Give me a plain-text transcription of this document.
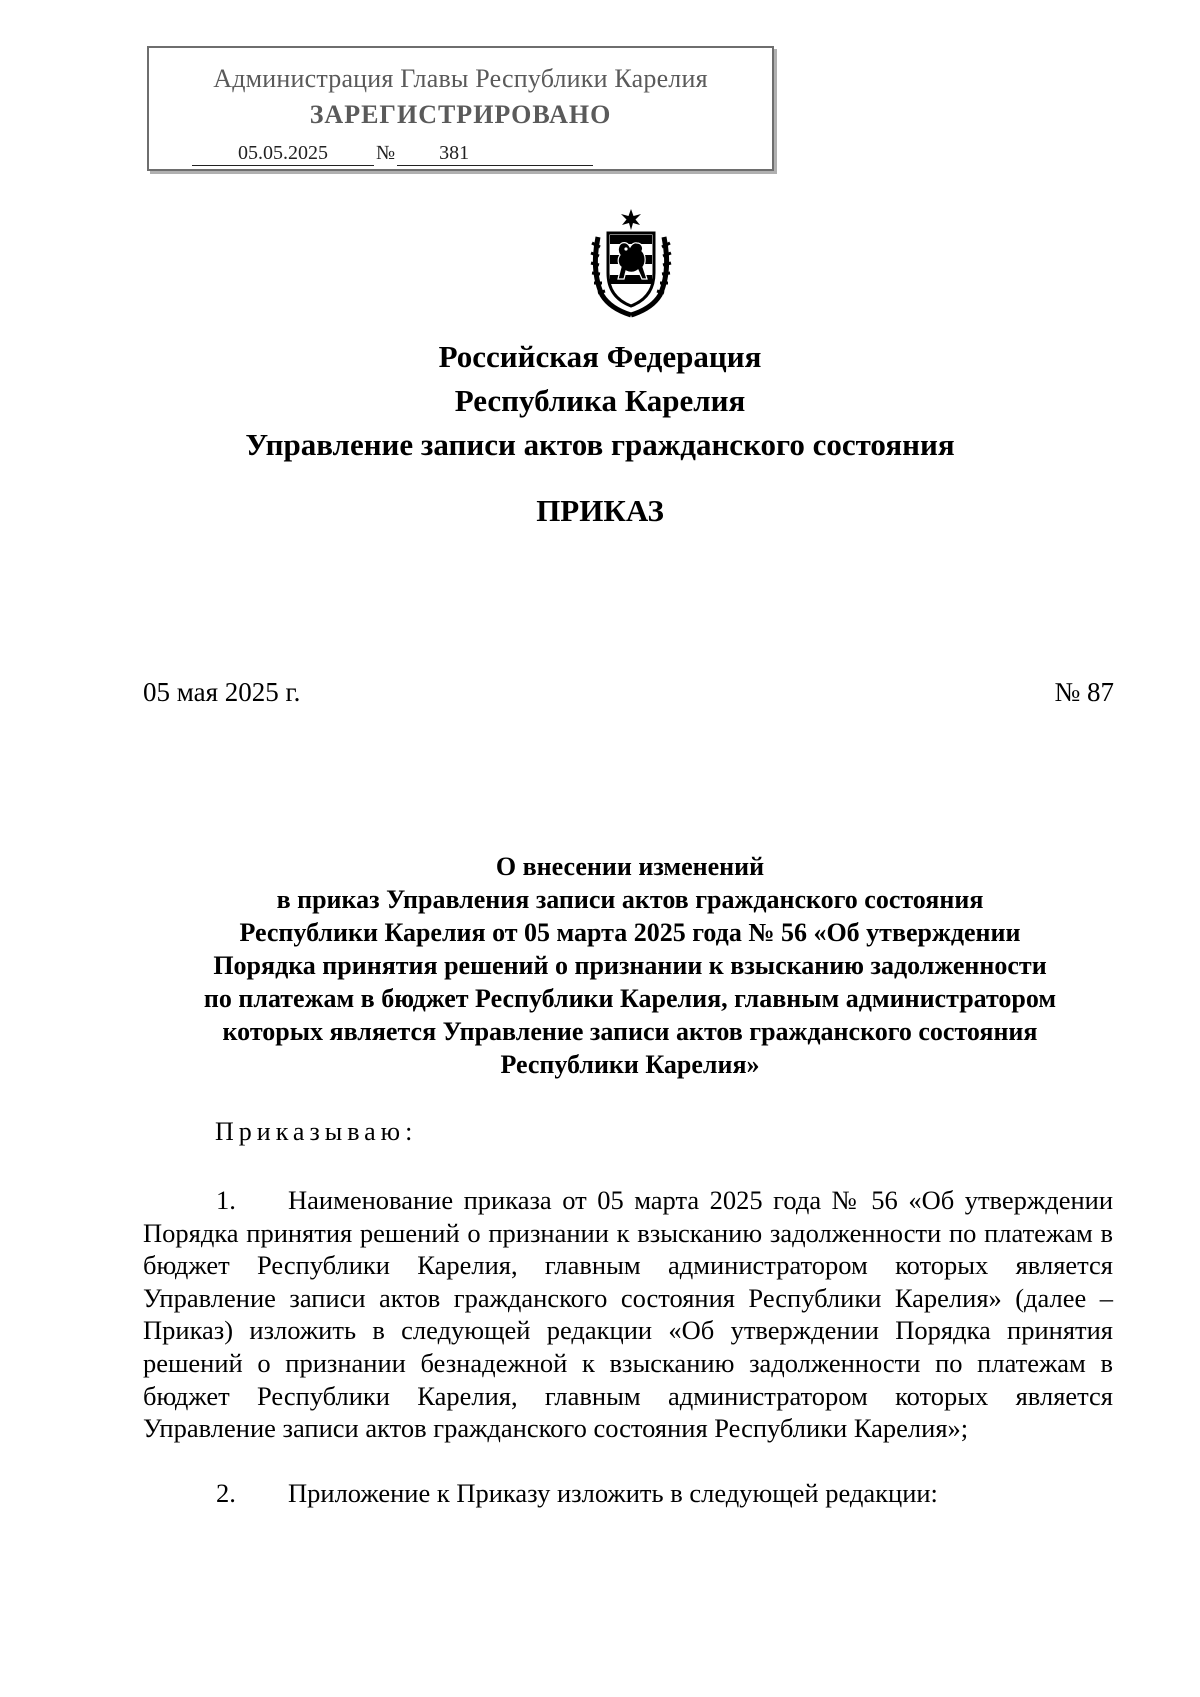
Администрация Главы Республики Карелия
ЗАРЕГИСТРИРОВАНО
05.05.2025 № 381
Российская Федерация
Республика Карелия
Управление записи актов гражданского состояния
ПРИКАЗ
05 мая 2025 г.	№ 87
О внесении изменений
в приказ Управления записи актов гражданского состояния
Республики Карелия от 05 марта 2025 года № 56 «Об утверждении
Порядка принятия решений о признании к взысканию задолженности
по платежам в бюджет Республики Карелия, главным администратором
которых является Управление записи актов гражданского состояния
Республики Карелия»
Приказываю:
1. Наименование приказа от 05 марта 2025 года № 56 «Об утверждении Порядка принятия решений о признании к взысканию задолженности по платежам в бюджет Республики Карелия, главным администратором которых является Управление записи актов гражданского состояния Республики Карелия» (далее – Приказ) изложить в следующей редакции «Об утверждении Порядка принятия решений о признании безнадежной к взысканию задолженности по платежам в бюджет Республики Карелия, главным администратором которых является Управление записи актов гражданского состояния Республики Карелия»;
2. Приложение к Приказу изложить в следующей редакции:
